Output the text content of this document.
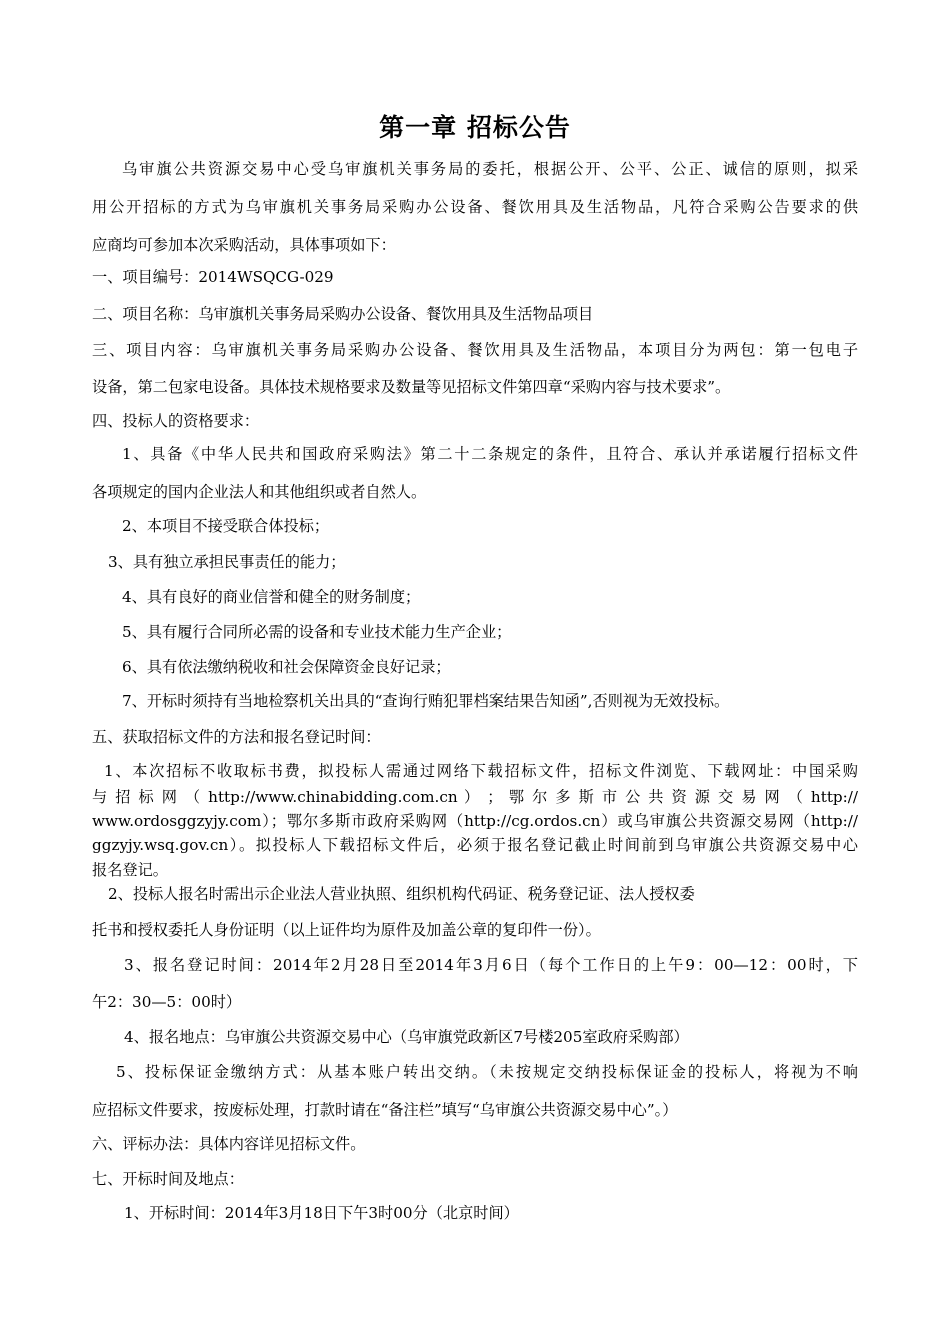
第一章 招标公告
乌审旗公共资源交易中心受乌审旗机关事务局的委托，根据公开、公平、公正、诚信的原则，拟采
用公开招标的方式为乌审旗机关事务局采购办公设备、餐饮用具及生活物品，凡符合采购公告要求的供
应商均可参加本次采购活动，具体事项如下：
一、项目编号：2014WSQCG-029
二、项目名称：乌审旗机关事务局采购办公设备、餐饮用具及生活物品项目
三、项目内容：乌审旗机关事务局采购办公设备、餐饮用具及生活物品，本项目分为两包：第一包电子
设备，第二包家电设备。具体技术规格要求及数量等见招标文件第四章“采购内容与技术要求”。
四、投标人的资格要求：
1、具备《中华人民共和国政府采购法》第二十二条规定的条件，且符合、承认并承诺履行招标文件
各项规定的国内企业法人和其他组织或者自然人。
2、本项目不接受联合体投标；
3、具有独立承担民事责任的能力；
4、具有良好的商业信誉和健全的财务制度；
5、具有履行合同所必需的设备和专业技术能力生产企业；
6、具有依法缴纳税收和社会保障资金良好记录；
7、开标时须持有当地检察机关出具的“查询行贿犯罪档案结果告知函”,否则视为无效投标。
五、获取招标文件的方法和报名登记时间：
1、本次招标不收取标书费，拟投标人需通过网络下载招标文件，招标文件浏览、下载网址：中国采购
与 招 标 网 （ http://www.chinabidding.com.cn ） ； 鄂 尔 多 斯 市 公 共 资 源 交 易 网 （ http://
www.ordosggzyjy.com）；鄂尔多斯市政府采购网（http://cg.ordos.cn）或乌审旗公共资源交易网（http://
ggzyjy.wsq.gov.cn）。拟投标人下载招标文件后，必须于报名登记截止时间前到乌审旗公共资源交易中心
报名登记。
2、投标人报名时需出示企业法人营业执照、组织机构代码证、税务登记证、法人授权委
托书和授权委托人身份证明（以上证件均为原件及加盖公章的复印件一份）。
3、报名登记时间：2014年2月28日至2014年3月6日（每个工作日的上午9：00—12：00时，下
午2：30—5：00时）
4、报名地点：乌审旗公共资源交易中心（乌审旗党政新区7号楼205室政府采购部）
5、投标保证金缴纳方式：从基本账户转出交纳。（未按规定交纳投标保证金的投标人，将视为不响
应招标文件要求，按废标处理，打款时请在“备注栏”填写“乌审旗公共资源交易中心”。）
六、评标办法：具体内容详见招标文件。
七、开标时间及地点：
1、开标时间：2014年3月18日下午3时00分（北京时间）
